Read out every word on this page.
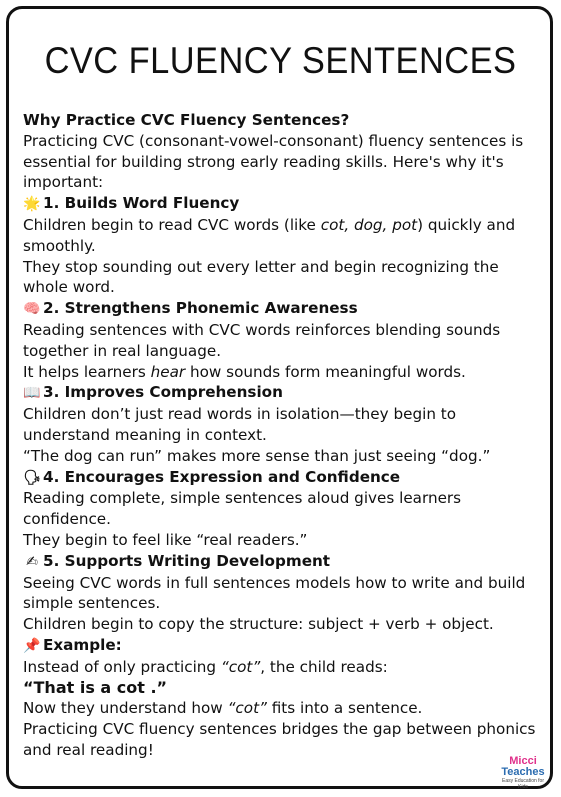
CVC FLUENCY SENTENCES

Why Practice CVC Fluency Sentences?

Practicing CVC (consonant-vowel-consonant) fluency sentences is essential for building strong early reading skills. Here's why it's important:

🌟 1. Builds Word Fluency

Children begin to read CVC words (like cot, dog, pot) quickly and smoothly.

They stop sounding out every letter and begin recognizing the whole word.

🧠 2. Strengthens Phonemic Awareness

Reading sentences with CVC words reinforces blending sounds together in real language.

It helps learners hear how sounds form meaningful words.

📖 3. Improves Comprehension

Children don’t just read words in isolation—they begin to understand meaning in context.

“The dog can run” makes more sense than just seeing “dog.”

🗣 4. Encourages Expression and Confidence

Reading complete, simple sentences aloud gives learners confidence.

They begin to feel like “real readers.”

✍ 5. Supports Writing Development

Seeing CVC words in full sentences models how to write and build simple sentences.

Children begin to copy the structure: subject + verb + object.

📌 Example:

Instead of only practicing “cot”, the child reads:

“That is a cot .”

Now they understand how “cot” fits into a sentence.

Practicing CVC fluency sentences bridges the gap between phonics and real reading!

Micci
Teaches
Easy Education for Kids
